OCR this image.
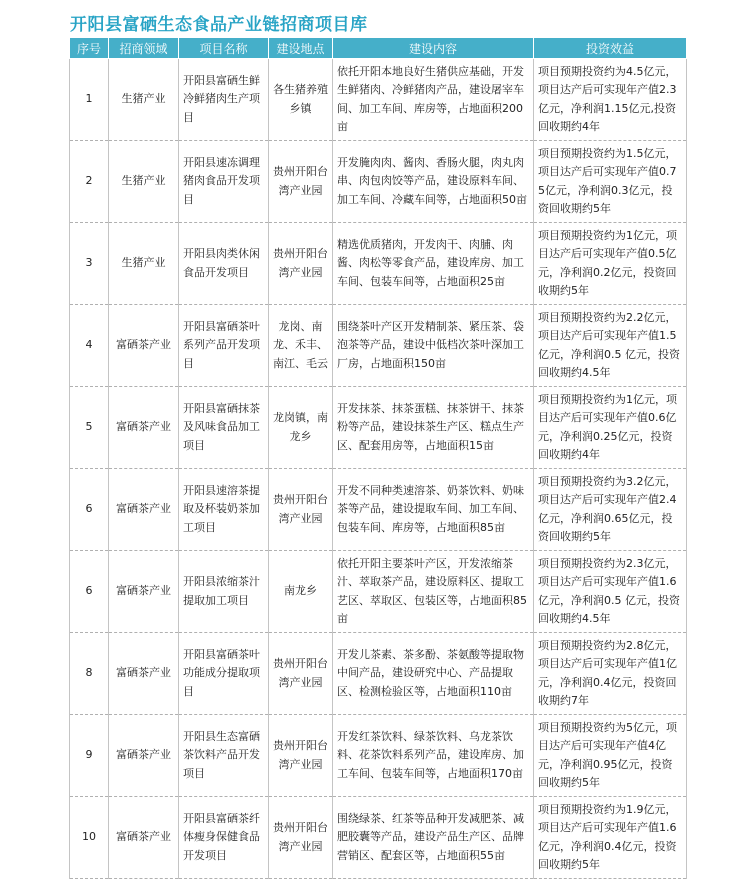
开阳县富硒生态食品产业链招商项目库
序号	招商领域	项目名称	建设地点	建设内容	投资效益
1	生猪产业	开阳县富硒生鲜冷鲜猪肉生产项目	各生猪养殖乡镇	依托开阳本地良好生猪供应基础，开发生鲜猪肉、冷鲜猪肉产品，建设屠宰车间、加工车间、库房等，占地面积200亩	项目预期投资约为4.5亿元，项目达产后可实现年产值2.3亿元，净利润1.15亿元,投资回收期约4年
2	生猪产业	开阳县速冻调理猪肉食品开发项目	贵州开阳台湾产业园	开发腌肉肉、酱肉、香肠火腿，肉丸肉串、肉包肉饺等产品，建设原料车间、加工车间、冷藏车间等，占地面积50亩	项目预期投资约为1.5亿元，项目达产后可实现年产值0.75亿元，净利润0.3亿元，投资回收期约5年
3	生猪产业	开阳县肉类休闲食品开发项目	贵州开阳台湾产业园	精选优质猪肉，开发肉干、肉脯、肉酱、肉松等零食产品，建设库房、加工车间、包装车间等，占地面积25亩	项目预期投资约为1亿元，项目达产后可实现年产值0.5亿元，净利润0.2亿元，投资回收期约5年
4	富硒茶产业	开阳县富硒茶叶系列产品开发项目	龙岗、南龙、禾丰、南江、毛云	围绕茶叶产区开发精制茶、紧压茶、袋泡茶等产品，建设中低档次茶叶深加工厂房，占地面积150亩	项目预期投资约为2.2亿元，项目达产后可实现年产值1.5亿元，净利润0.5 亿元，投资回收期约4.5年
5	富硒茶产业	开阳县富硒抹茶及风味食品加工项目	龙岗镇，南龙乡	开发抹茶、抹茶蛋糕、抹茶饼干、抹茶粉等产品，建设抹茶生产区、糕点生产区、配套用房等，占地面积15亩	项目预期投资约为1亿元，项目达产后可实现年产值0.6亿元，净利润0.25亿元，投资回收期约4年
6	富硒茶产业	开阳县速溶茶提取及杯装奶茶加工项目	贵州开阳台湾产业园	开发不同种类速溶茶、奶茶饮料、奶味茶等产品，建设提取车间、加工车间、包装车间、库房等，占地面积85亩	项目预期投资约为3.2亿元，项目达产后可实现年产值2.4亿元，净利润0.65亿元，投资回收期约5年
6	富硒茶产业	开阳县浓缩茶汁提取加工项目	南龙乡	依托开阳主要茶叶产区，开发浓缩茶汁、萃取茶产品，建设原料区、提取工艺区、萃取区、包装区等，占地面积85亩	项目预期投资约为2.3亿元，项目达产后可实现年产值1.6亿元，净利润0.5 亿元，投资回收期约4.5年
8	富硒茶产业	开阳县富硒茶叶功能成分提取项目	贵州开阳台湾产业园	开发儿茶素、茶多酚、茶氨酸等提取物中间产品，建设研究中心、产品提取区、检测检验区等，占地面积110亩	项目预期投资约为2.8亿元，项目达产后可实现年产值1亿元，净利润0.4亿元，投资回收期约7年
9	富硒茶产业	开阳县生态富硒茶饮料产品开发项目	贵州开阳台湾产业园	开发红茶饮料、绿茶饮料、乌龙茶饮料、花茶饮料系列产品，建设库房、加工车间、包装车间等，占地面积170亩	项目预期投资约为5亿元，项目达产后可实现年产值4亿元，净利润0.95亿元，投资回收期约5年
10	富硒茶产业	开阳县富硒茶纤体瘦身保健食品开发项目	贵州开阳台湾产业园	围绕绿茶、红茶等品种开发减肥茶、减肥胶囊等产品，建设产品生产区、品牌营销区、配套区等，占地面积55亩	项目预期投资约为1.9亿元，项目达产后可实现年产值1.6亿元，净利润0.4亿元，投资回收期约5年
